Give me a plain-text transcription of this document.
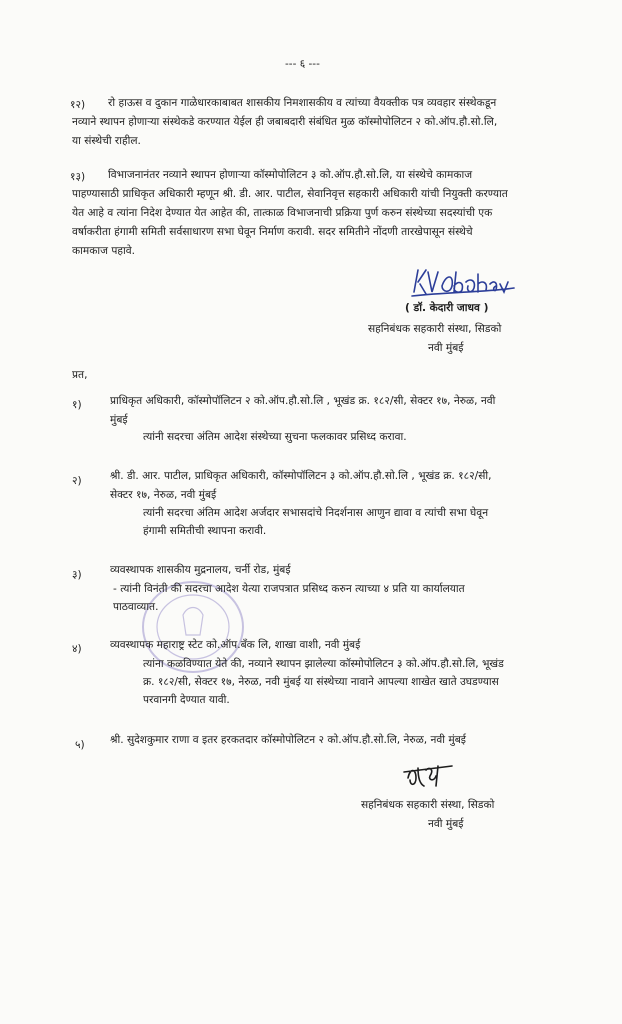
--- ६ ---
१२) रो हाऊस व दुकान गाळेधारकाबाबत शासकीय निमशासकीय व त्यांच्या वैयक्तीक पत्र व्यवहार संस्थेकडून
नव्याने स्थापन होणाऱ्या संस्थेकडे करण्यात येईल ही जबाबदारी संबंधित मुळ कॉस्मोपोलिटन २ को.ऑप.हौ.सो.लि,
या संस्थेची राहील.
१३) विभाजनानंतर नव्याने स्थापन होणाऱ्या कॉस्मोपोलिटन ३ को.ऑप.हौ.सो.लि, या संस्थेचे कामकाज
पाहण्यासाठी प्राधिकृत अधिकारी म्हणून श्री. डी. आर. पाटील, सेवानिवृत्त सहकारी अधिकारी यांची नियुक्ती करण्यात
येत आहे व त्यांना निदेश देण्यात येत आहेत की, तात्काळ विभाजनाची प्रक्रिया पुर्ण करुन संस्थेच्या सदस्यांची एक
वर्षाकरीता हंगामी समिती सर्वसाधारण सभा घेवून निर्माण करावी. सदर समितीने नोंदणी तारखेपासून संस्थेचे
कामकाज पहावे.
( डॉ. केदारी जाधव )
सहनिबंधक सहकारी संस्था, सिडको
नवी मुंबई
प्रत,
१)	प्राधिकृत अधिकारी, कॉस्मोपॉलिटन २ को.ऑप.हौ.सो.लि , भूखंड क्र. १८२/सी, सेक्टर १७, नेरुळ, नवी
मुंबई
त्यांनी सदरचा अंतिम आदेश संस्थेच्या सुचना फलकावर प्रसिध्द करावा.
२)	श्री. डी. आर. पाटील, प्राधिकृत अधिकारी, कॉस्मोपॉलिटन ३ को.ऑप.हौ.सो.लि , भूखंड क्र. १८२/सी,
सेक्टर १७, नेरुळ, नवी मुंबई
त्यांनी सदरचा अंतिम आदेश अर्जदार सभासदांचे निदर्शनास आणुन द्यावा व त्यांची सभा घेवून
हंगामी समितीची स्थापना करावी.
३)	व्यवस्थापक शासकीय मुद्रनालय, चर्नी रोड, मुंबई
- त्यांनी विनंती की सदरचा आदेश येत्या राजपत्रात प्रसिध्द करुन त्याच्या ४ प्रति या कार्यालयात
पाठवाव्यात.
४)	व्यवस्थापक महाराष्ट्र स्टेट को.ऑप.बँक लि, शाखा वाशी, नवी मुंबई
त्यांना कळविण्यात येते की, नव्याने स्थापन झालेल्या कॉस्मोपोलिटन ३ को.ऑप.हौ.सो.लि, भूखंड
क्र. १८२/सी, सेक्टर १७, नेरुळ, नवी मुंबई या संस्थेच्या नावाने आपल्या शाखेत खाते उघडण्यास
परवानगी देण्यात यावी.
५) श्री. सुदेशकुमार राणा व इतर हरकतदार कॉस्मोपोलिटन २ को.ऑप.हौ.सो.लि, नेरुळ, नवी मुंबई
सहनिबंधक सहकारी संस्था, सिडको
नवी मुंबई
